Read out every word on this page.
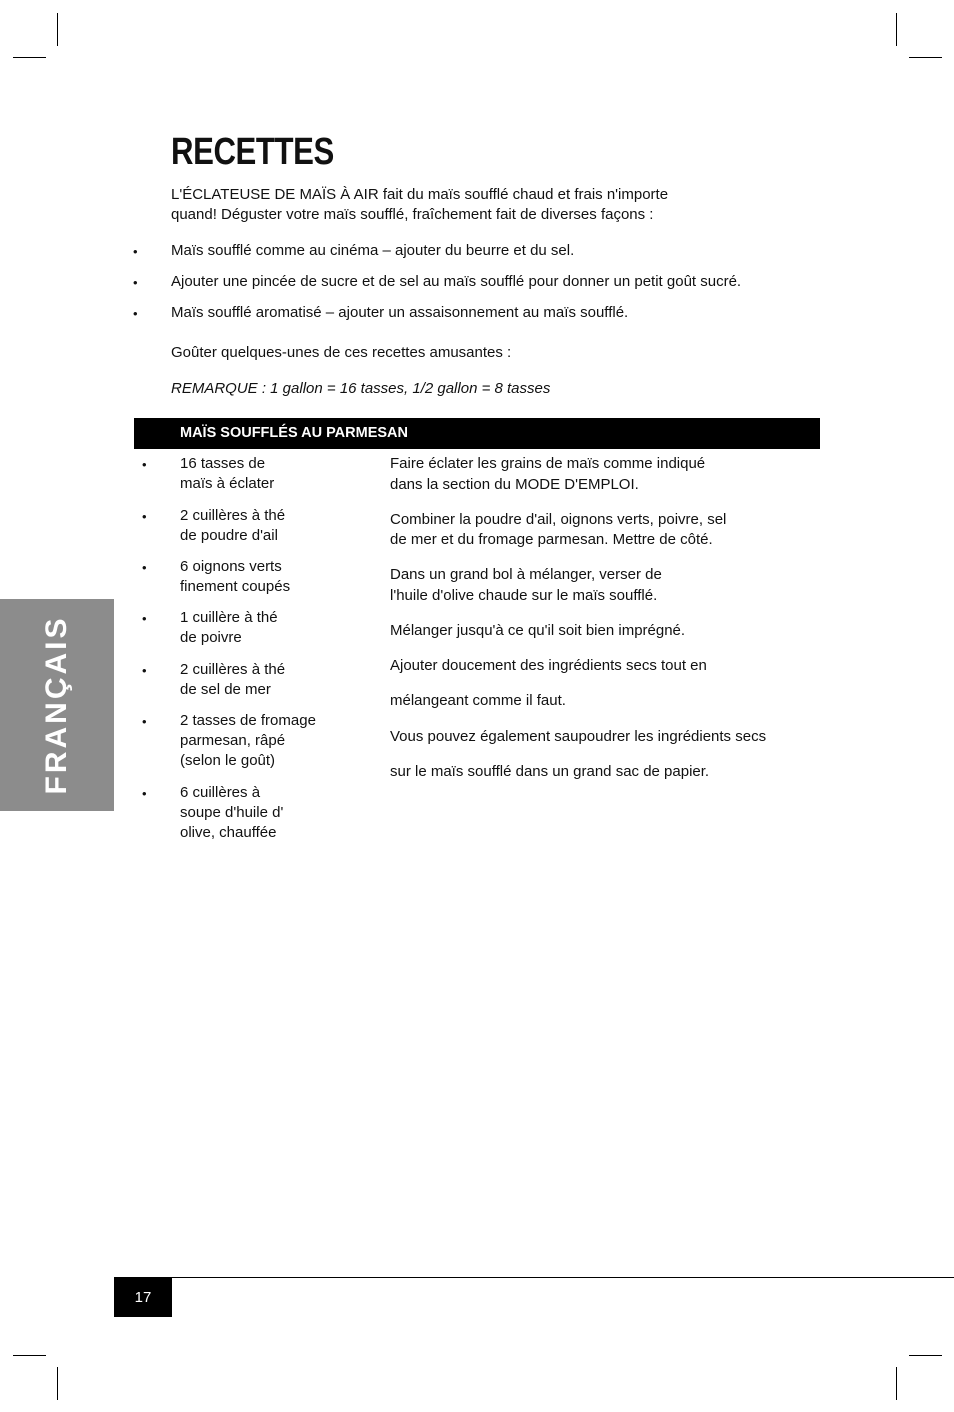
FRANÇAIS
RECETTES
L'ÉCLATEUSE DE MAÏS À AIR fait du maïs soufflé chaud et frais n'importe
quand! Déguster votre maïs soufflé, fraîchement fait de diverses façons :
• Maïs soufflé comme au cinéma – ajouter du beurre et du sel.
• Ajouter une pincée de sucre et de sel au maïs soufflé pour donner un petit goût sucré.
• Maïs soufflé aromatisé – ajouter un assaisonnement au maïs soufflé.
Goûter quelques-unes de ces recettes amusantes :
REMARQUE : 1 gallon = 16 tasses, 1/2 gallon = 8 tasses
MAÏS SOUFFLÉS AU PARMESAN
• 16 tasses de
maïs à éclater
• 2 cuillères à thé
de poudre d'ail
• 6 oignons verts
finement coupés
• 1 cuillère à thé
de poivre
• 2 cuillères à thé
de sel de mer
• 2 tasses de fromage
parmesan, râpé
(selon le goût)
• 6 cuillères à
soupe d'huile d'
olive, chauffée
Faire éclater les grains de maïs comme indiqué
dans la section du MODE D'EMPLOI.
Combiner la poudre d'ail, oignons verts, poivre, sel
de mer et du fromage parmesan. Mettre de côté.
Dans un grand bol à mélanger, verser de
l'huile d'olive chaude sur le maïs soufflé.
Mélanger jusqu'à ce qu'il soit bien imprégné.
Ajouter doucement des ingrédients secs tout en
mélangeant comme il faut.
Vous pouvez également saupoudrer les ingrédients secs
sur le maïs soufflé dans un grand sac de papier.
17
